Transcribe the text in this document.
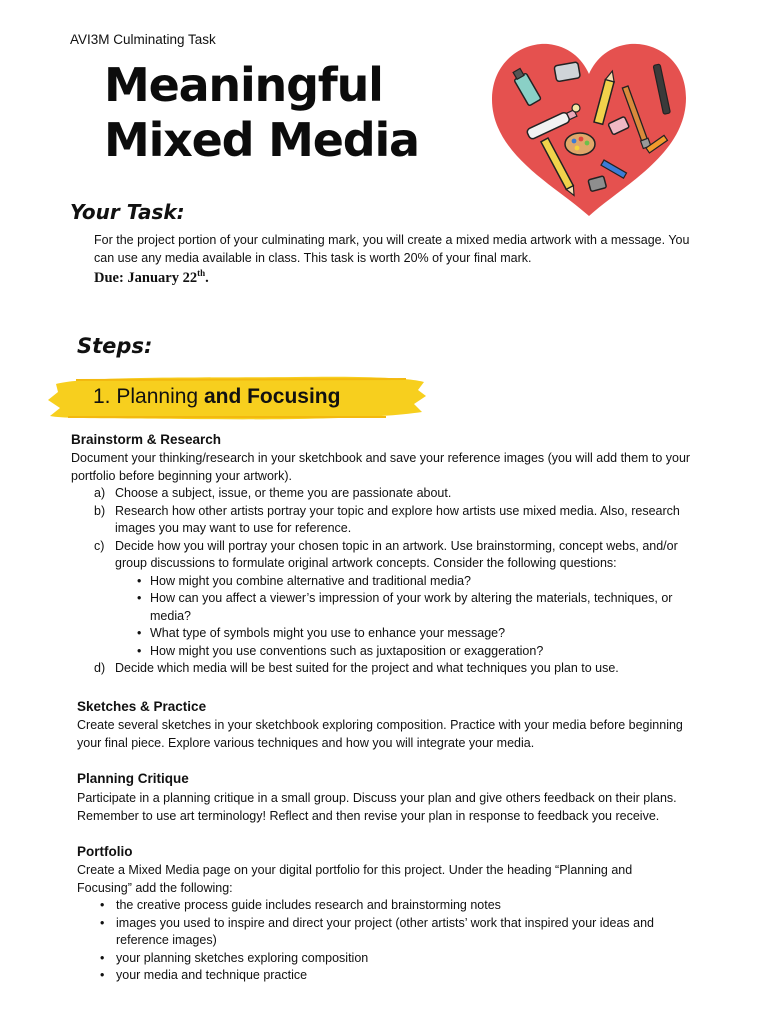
AVI3M Culminating Task
Meaningful
Mixed Media
Your Task:

For the project portion of your culminating mark, you will create a mixed media artwork with a message. You can use any media available in class. This task is worth 20% of your final mark.

Due: January 22th.
Steps:
1. Planning and Focusing
Brainstorm & Research

Document your thinking/research in your sketchbook and save your reference images (you will add them to your portfolio before beginning your artwork).

a) Choose a subject, issue, or theme you are passionate about.
b) Research how other artists portray your topic and explore how artists use mixed media. Also, research images you may want to use for reference.
c) Decide how you will portray your chosen topic in an artwork. Use brainstorming, concept webs, and/or group discussions to formulate original artwork concepts. Consider the following questions:
• How might you combine alternative and traditional media?
• How can you affect a viewer’s impression of your work by altering the materials, techniques, or media?
• What type of symbols might you use to enhance your message?
• How might you use conventions such as juxtaposition or exaggeration?
d) Decide which media will be best suited for the project and what techniques you plan to use.
Sketches & Practice

Create several sketches in your sketchbook exploring composition. Practice with your media before beginning your final piece. Explore various techniques and how you will integrate your media.

Planning Critique

Participate in a planning critique in a small group. Discuss your plan and give others feedback on their plans. Remember to use art terminology! Reflect and then revise your plan in response to feedback you receive.

Portfolio

Create a Mixed Media page on your digital portfolio for this project. Under the heading “Planning and Focusing” add the following:

• the creative process guide includes research and brainstorming notes
• images you used to inspire and direct your project (other artists’ work that inspired your ideas and reference images)
• your planning sketches exploring composition
• your media and technique practice
